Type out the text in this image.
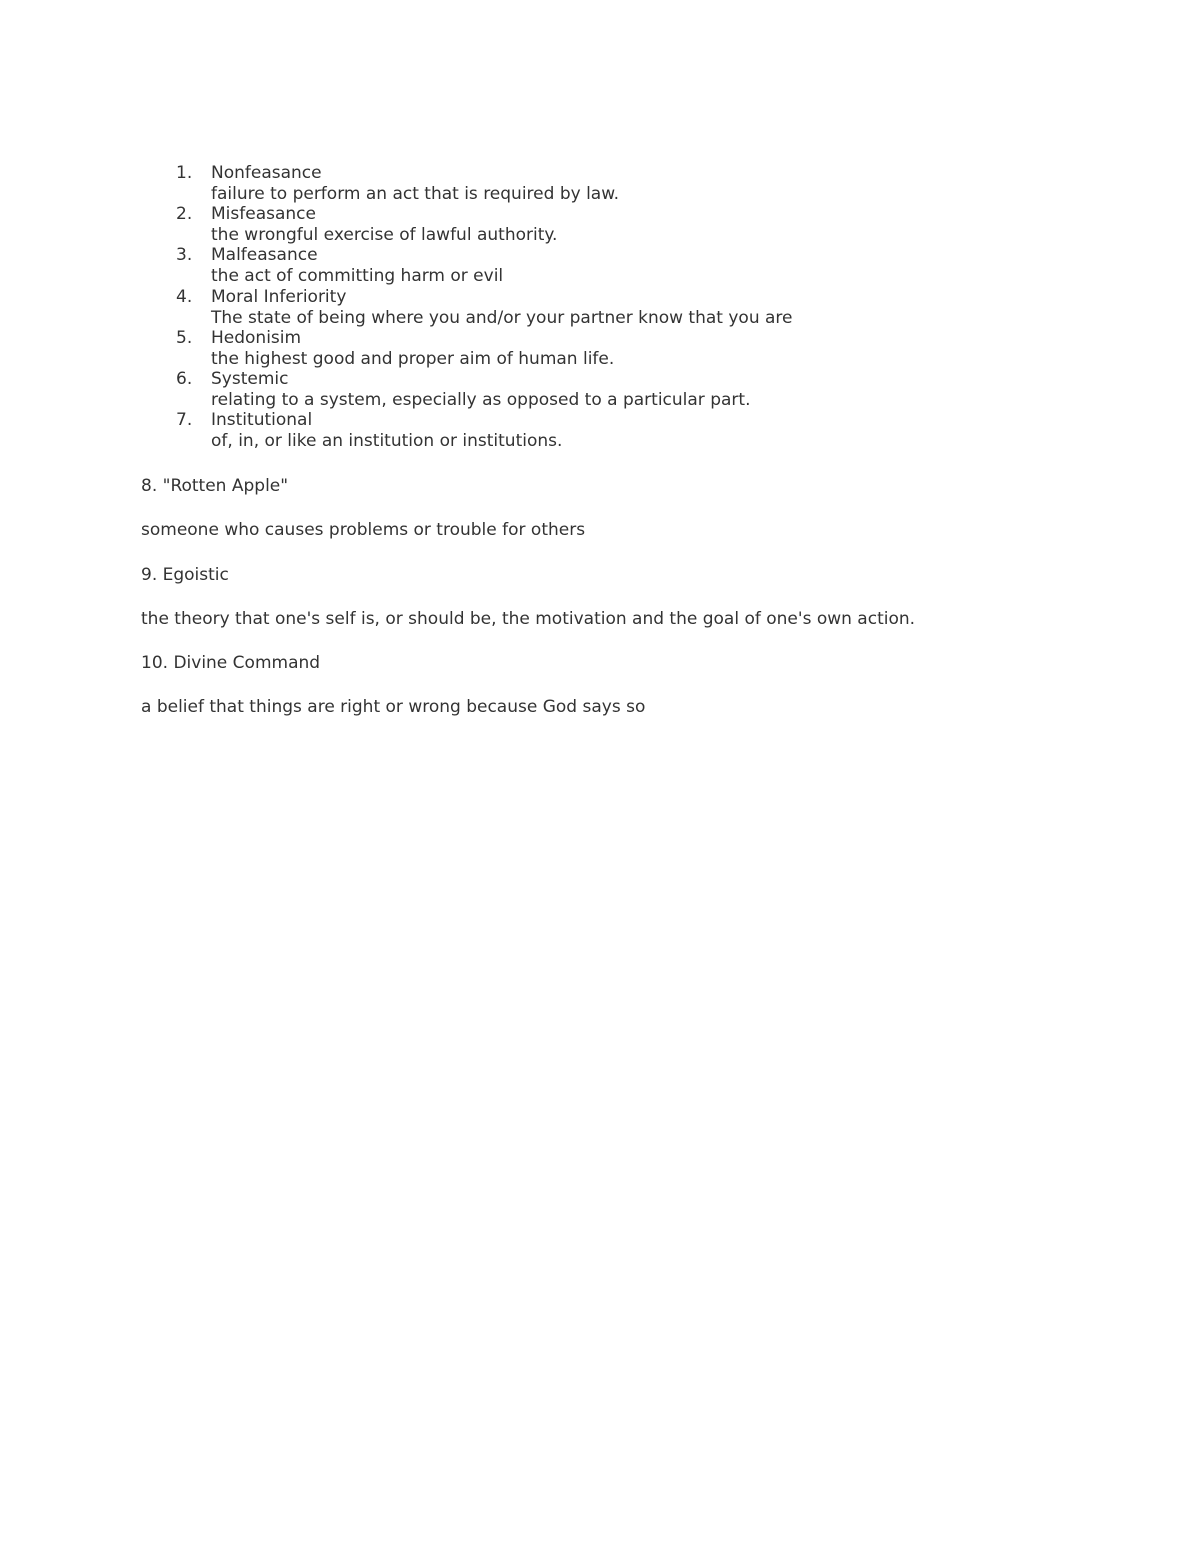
1. Nonfeasance
failure to perform an act that is required by law.
2. Misfeasance
the wrongful exercise of lawful authority.
3. Malfeasance
the act of committing harm or evil
4. Moral Inferiority
The state of being where you and/or your partner know that you are
5. Hedonisim
the highest good and proper aim of human life.
6. Systemic
relating to a system, especially as opposed to a particular part.
7. Institutional
of, in, or like an institution or institutions.

8. "Rotten Apple"

someone who causes problems or trouble for others

9. Egoistic

the theory that one's self is, or should be, the motivation and the goal of one's own action.

10. Divine Command

a belief that things are right or wrong because God says so
